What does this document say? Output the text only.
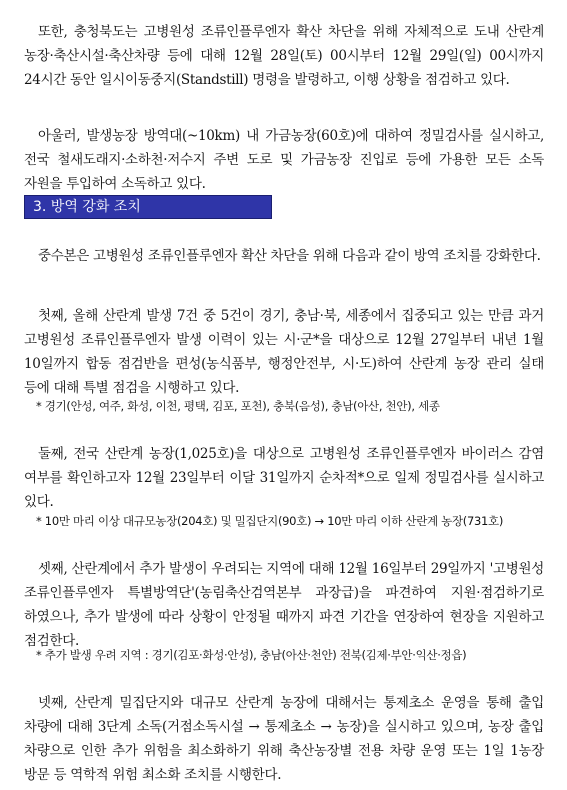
또한, 충청북도는 고병원성 조류인플루엔자 확산 차단을 위해 자체적으로 도내 산란계 농장·축산시설·축산차량 등에 대해 12월 28일(토) 00시부터 12월 29일(일) 00시까지 24시간 동안 일시이동중지(Standstill) 명령을 발령하고, 이행 상황을 점검하고 있다.

아울러, 발생농장 방역대(~10km) 내 가금농장(60호)에 대하여 정밀검사를 실시하고, 전국 철새도래지·소하천·저수지 주변 도로 및 가금농장 진입로 등에 가용한 모든 소독 자원을 투입하여 소독하고 있다.

3. 방역 강화 조치

중수본은 고병원성 조류인플루엔자 확산 차단을 위해 다음과 같이 방역 조치를 강화한다.

첫째, 올해 산란계 발생 7건 중 5건이 경기, 충남·북, 세종에서 집중되고 있는 만큼 과거 고병원성 조류인플루엔자 발생 이력이 있는 시·군*을 대상으로 12월 27일부터 내년 1월 10일까지 합동 점검반을 편성(농식품부, 행정안전부, 시·도)하여 산란계 농장 관리 실태 등에 대해 특별 점검을 시행하고 있다.

* 경기(안성, 여주, 화성, 이천, 평택, 김포, 포천), 충북(음성), 충남(아산, 천안), 세종

둘째, 전국 산란계 농장(1,025호)을 대상으로 고병원성 조류인플루엔자 바이러스 감염 여부를 확인하고자 12월 23일부터 이달 31일까지 순차적*으로 일제 정밀검사를 실시하고 있다.

* 10만 마리 이상 대규모농장(204호) 및 밀집단지(90호) → 10만 마리 이하 산란계 농장(731호)

셋째, 산란계에서 추가 발생이 우려되는 지역에 대해 12월 16일부터 29일까지 '고병원성 조류인플루엔자 특별방역단'(농림축산검역본부 과장급)을 파견하여 지원·점검하기로 하였으나, 추가 발생에 따라 상황이 안정될 때까지 파견 기간을 연장하여 현장을 지원하고 점검한다.

* 추가 발생 우려 지역 : 경기(김포·화성·안성), 충남(아산·천안) 전북(김제·부안·익산·정읍)

넷째, 산란계 밀집단지와 대규모 산란계 농장에 대해서는 통제초소 운영을 통해 출입 차량에 대해 3단계 소독(거점소독시설 → 통제초소 → 농장)을 실시하고 있으며, 농장 출입 차량으로 인한 추가 위험을 최소화하기 위해 축산농장별 전용 차량 운영 또는 1일 1농장 방문 등 역학적 위험 최소화 조치를 시행한다.
